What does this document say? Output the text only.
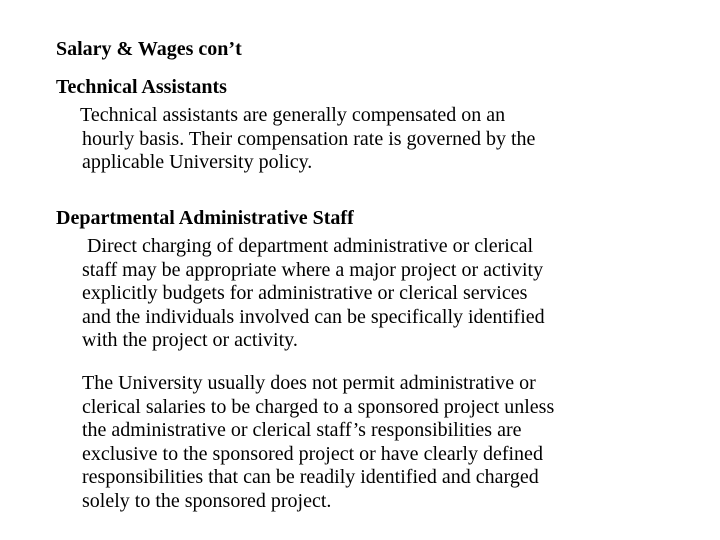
Salary & Wages con’t
Technical Assistants
Technical assistants are generally compensated on an
hourly basis. Their compensation rate is governed by the
applicable University policy.
Departmental Administrative Staff
Direct charging of department administrative or clerical
staff may be appropriate where a major project or activity
explicitly budgets for administrative or clerical services
and the individuals involved can be specifically identified
with the project or activity.
The University usually does not permit administrative or
clerical salaries to be charged to a sponsored project unless
the administrative or clerical staff’s responsibilities are
exclusive to the sponsored project or have clearly defined
responsibilities that can be readily identified and charged
solely to the sponsored project.
